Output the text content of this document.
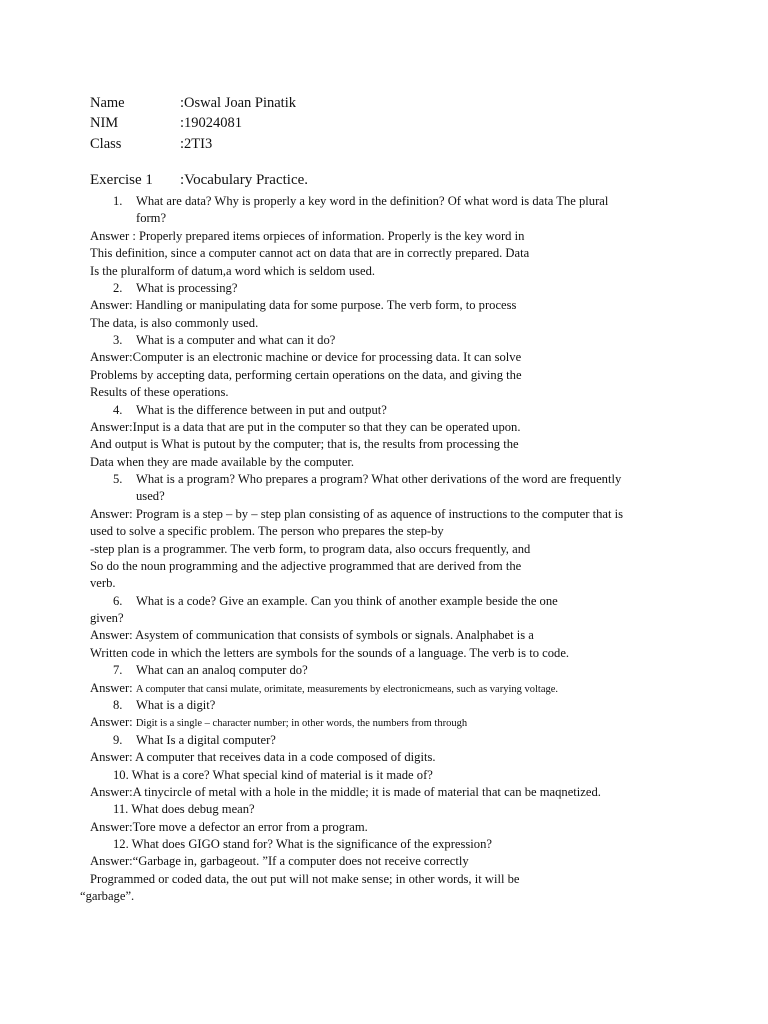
Name	:Oswal Joan Pinatik
NIM	:19024081
Class	:2TI3
Exercise 1	:Vocabulary Practice.
1.	What are data? Why is properly a key word in the definition? Of what word is data The plural
form?
Answer : Properly prepared items orpieces of information. Properly is the key word in
This definition, since a computer cannot act on data that are in correctly prepared. Data
Is the pluralform of datum,a word which is seldom used.
2.	What is processing?
Answer: Handling or manipulating data for some purpose. The verb form, to process
The data, is also commonly used.
3.	What is a computer and what can it do?
Answer:Computer is an electronic machine or device for processing data. It can solve
Problems by accepting data, performing certain operations on the data, and giving the
Results of these operations.
4.	What is the difference between in put and output?
Answer:Input is a data that are put in the computer so that they can be operated upon.
And output is What is putout by the computer; that is, the results from processing the
Data when they are made available by the computer.
5.	What is a program? Who prepares a program? What other derivations of the word are frequently
used?
Answer: Program is a step – by – step plan consisting of as aquence of instructions to the computer that is
used to solve a specific problem. The person who prepares the step-by
-step plan is a programmer. The verb form, to program data, also occurs frequently, and
So do the noun programming and the adjective programmed that are derived from the
verb.
6.	What is a code? Give an example. Can you think of another example beside the one
given?
Answer: Asystem of communication that consists of symbols or signals. Analphabet is a
Written code in which the letters are symbols for the sounds of a language. The verb is to code.
7.	What can an analoq computer do?
Answer: A computer that cansi mulate, orimitate, measurements by electronicmeans, such as varying voltage.
8.	What is a digit?
Answer: Digit is a single – character number; in other words, the numbers from through
9.	What Is a digital computer?
Answer: A computer that receives data in a code composed of digits.
10. What is a core? What special kind of material is it made of?
Answer:A tinycircle of metal with a hole in the middle; it is made of material that can be maqnetized.
11. What does debug mean?
Answer:Tore move a defector an error from a program.
12. What does GIGO stand for? What is the significance of the expression?
Answer:“Garbage in, garbageout. ”If a computer does not receive correctly
Programmed or coded data, the out put will not make sense; in other words, it will be
“garbage”.
